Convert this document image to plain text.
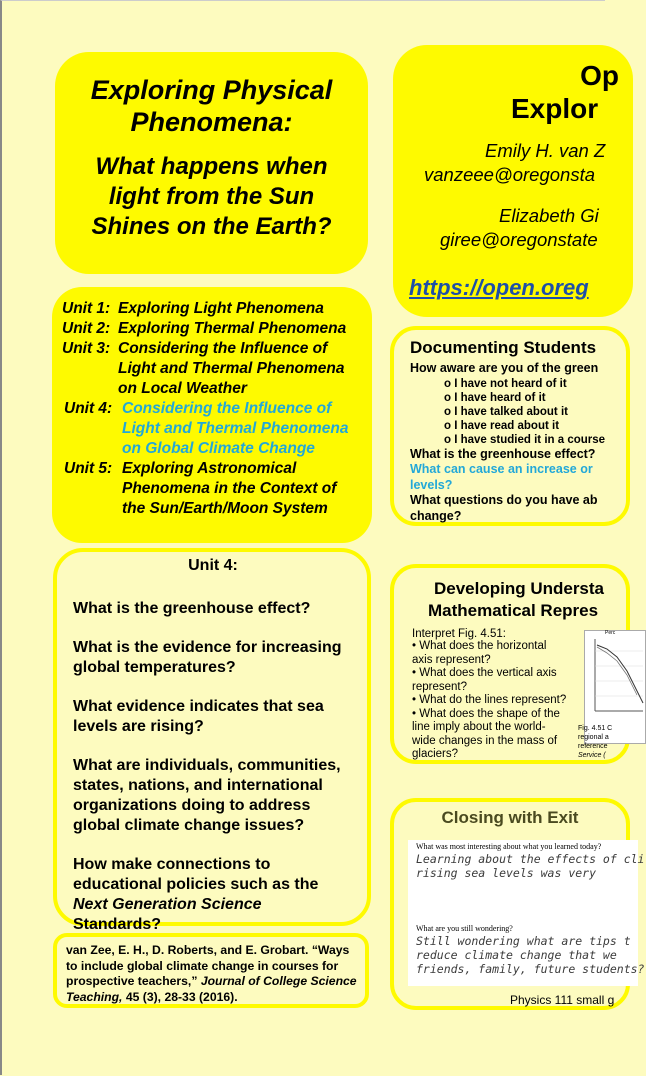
Exploring Physical
Phenomena:
What happens when
light from the Sun
Shines on the Earth?
Unit 1: Exploring Light Phenomena
Unit 2: Exploring Thermal Phenomena
Unit 3: Considering the Influence of
Light and Thermal Phenomena
on Local Weather
Unit 4: Considering the Influence of
Light and Thermal Phenomena
on Global Climate Change
Unit 5: Exploring Astronomical
Phenomena in the Context of
the Sun/Earth/Moon System
Unit 4:
What is the greenhouse effect?
What is the evidence for increasing global temperatures?
What evidence indicates that sea levels are rising?
What are individuals, communities, states, nations, and international organizations doing to address global climate change issues?
How make connections to educational policies such as the Next Generation Science Standards?

van Zee, E. H., D. Roberts, and E. Grobart. “Ways to include global climate change in courses for prospective teachers,” Journal of College Science Teaching, 45 (3), 28-33 (2016).

Op
Explor
Emily H. van Z
vanzeee@oregonsta
Elizabeth Gi
giree@oregonstate
https://open.oreg
Documenting Students
How aware are you of the green
o I have not heard of it
o I have heard of it
o I have talked about it
o I have read about it
o I have studied it in a course
What is the greenhouse effect?
What can cause an increase or
levels?
What questions do you have ab
change?
Developing Understa
Mathematical Repres
Interpret Fig. 4.51:
• What does the horizontal axis represent?
• What does the vertical axis represent?
• What do the lines represent?
• What does the shape of the line imply about the world-wide changes in the mass of glaciers?
Perc
Fig. 4.51 C
regional a
reference
Service (
Closing with Exit
What was most interesting about what you learned today?
Learning about the effects of cli
rising sea levels was very
What are you still wondering?
Still wondering what are tips t
reduce climate change that we
friends, family, future students?
Physics 111 small g
